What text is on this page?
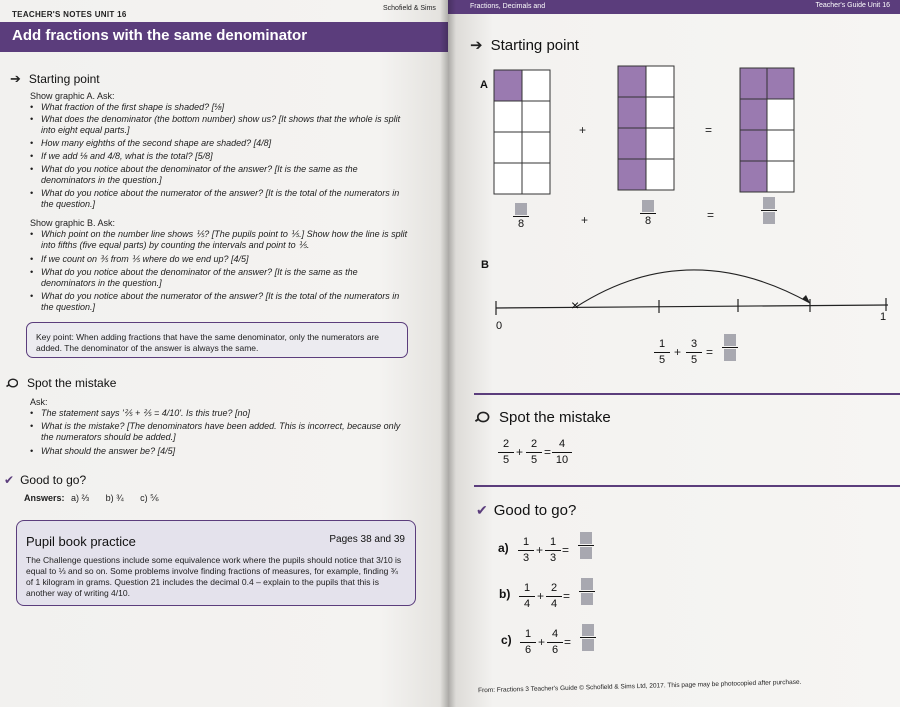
TEACHER'S NOTES UNIT 16
Schofield & Sims
Add fractions with the same denominator
➔ Starting point
Show graphic A. Ask:
• What fraction of the first shape is shaded? [⅛]
• What does the denominator (the bottom number) show us? [It shows that the whole is split into eight equal parts.]
• How many eighths of the second shape are shaded? [4/8]
• If we add ⅛ and 4/8, what is the total? [5/8]
• What do you notice about the denominator of the answer? [It is the same as the denominators in the question.]
• What do you notice about the numerator of the answer? [It is the total of the numerators in the question.]
Show graphic B. Ask:
• Which point on the number line shows ⅕? [The pupils point to ⅕.] Show how the line is split into fifths (five equal parts) by counting the intervals and point to ⅕.
• If we count on ⅗ from ⅕ where do we end up? [4/5]
• What do you notice about the denominator of the answer? [It is the same as the denominators in the question.]
• What do you notice about the numerator of the answer? [It is the total of the numerators in the question.]
Key point: When adding fractions that have the same denominator, only the numerators are added. The denominator of the answer is always the same.
Spot the mistake
Ask:
• The statement says '⅖ + ⅖ = 4/10'. Is this true? [no]
• What is the mistake? [The denominators have been added. This is incorrect, because only the numerators should be added.]
• What should the answer be? [4/5]
✔ Good to go?
Answers: a) ⅔ b) ¾ c) ⅚
Pupil book practice	Pages 38 and 39
The Challenge questions include some equivalence work where the pupils should notice that 3/10 is equal to ⅓ and so on. Some problems involve finding fractions of measures, for example, finding ¾ of 1 kilogram in grams. Question 21 includes the decimal 0.4 – explain to the pupils that this is another way of writing 4/10.
Fractions, Decimals and	Teacher's Guide Unit 16
➔ Starting point
A
+	=
8	+	8	=
B
×
0
1
1
5
+
3
5
=
Spot the mistake
2
5
+
2
5
=
4
10
✔ Good to go?
a)	1
3
+
1
3
=
b)	1
4
+
2
4
=
c)	1
6
+
4
6
=
From: Fractions 3 Teacher's Guide © Schofield & Sims Ltd, 2017. This page may be photocopied after purchase.
